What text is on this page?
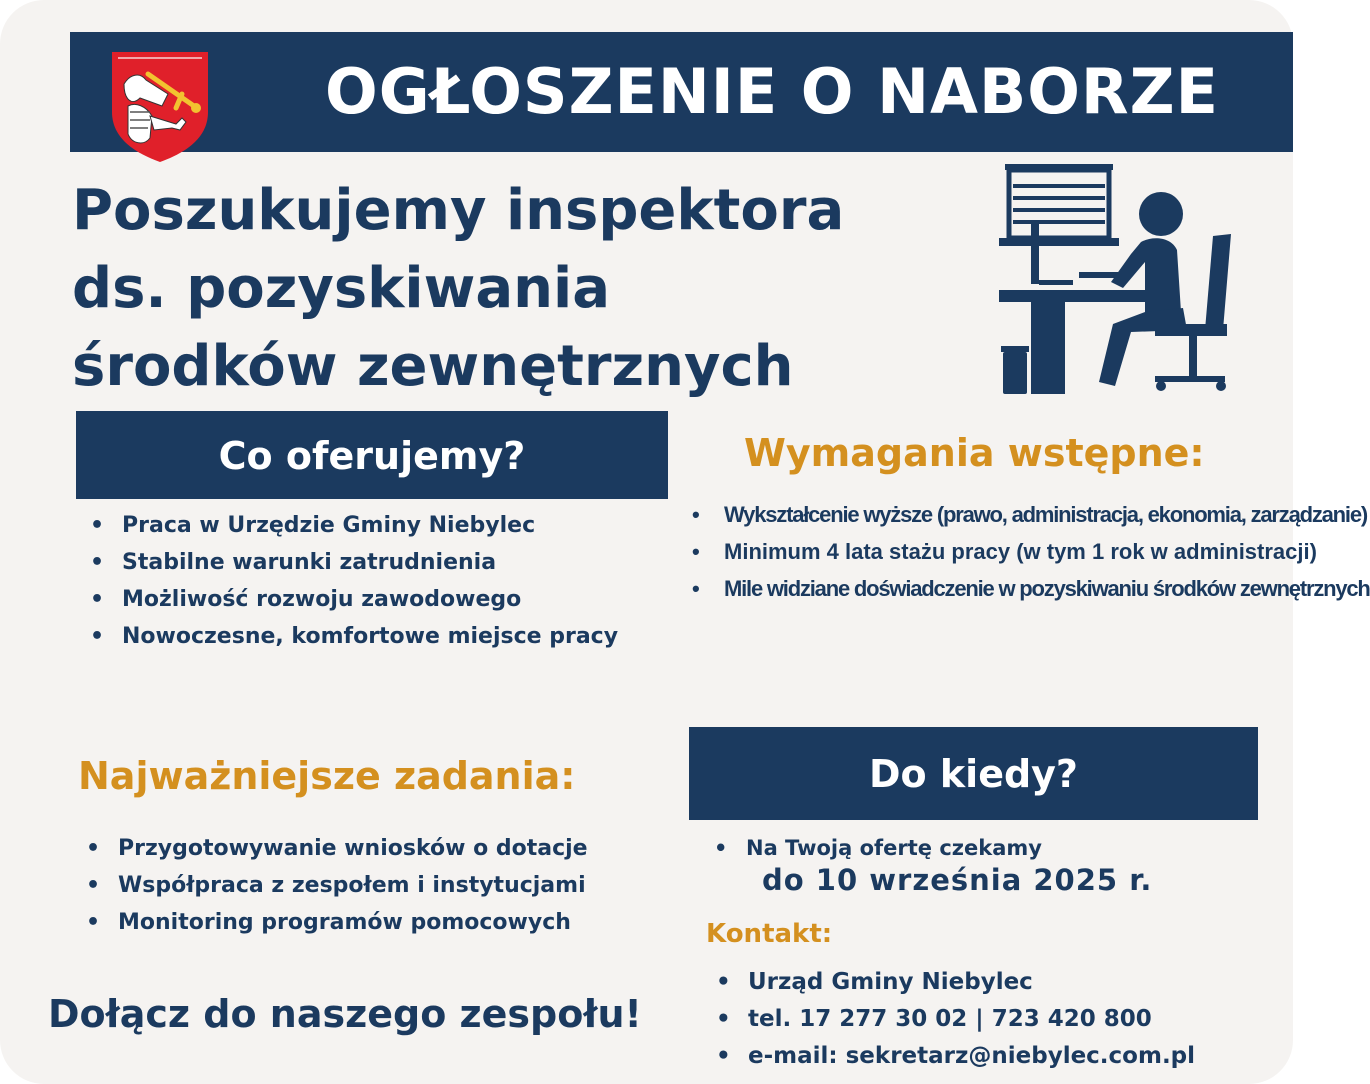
OGŁOSZENIE O NABORZE
Poszukujemy inspektora
ds. pozyskiwania
środków zewnętrznych
Co oferujemy?
• Praca w Urzędzie Gminy Niebylec
• Stabilne warunki zatrudnienia
• Możliwość rozwoju zawodowego
• Nowoczesne, komfortowe miejsce pracy
Wymagania wstępne:
• Wykształcenie wyższe (prawo, administracja, ekonomia, zarządzanie)
• Minimum 4 lata stażu pracy (w tym 1 rok w administracji)
• Mile widziane doświadczenie w pozyskiwaniu środków zewnętrznych
Najważniejsze zadania:
• Przygotowywanie wniosków o dotacje
• Współpraca z zespołem i instytucjami
• Monitoring programów pomocowych
Do kiedy?
• Na Twoją ofertę czekamy
do 10 września 2025 r.
Kontakt:
• Urząd Gminy Niebylec
• tel. 17 277 30 02 | 723 420 800
• e-mail: sekretarz@niebylec.com.pl

Dołącz do naszego zespołu!
